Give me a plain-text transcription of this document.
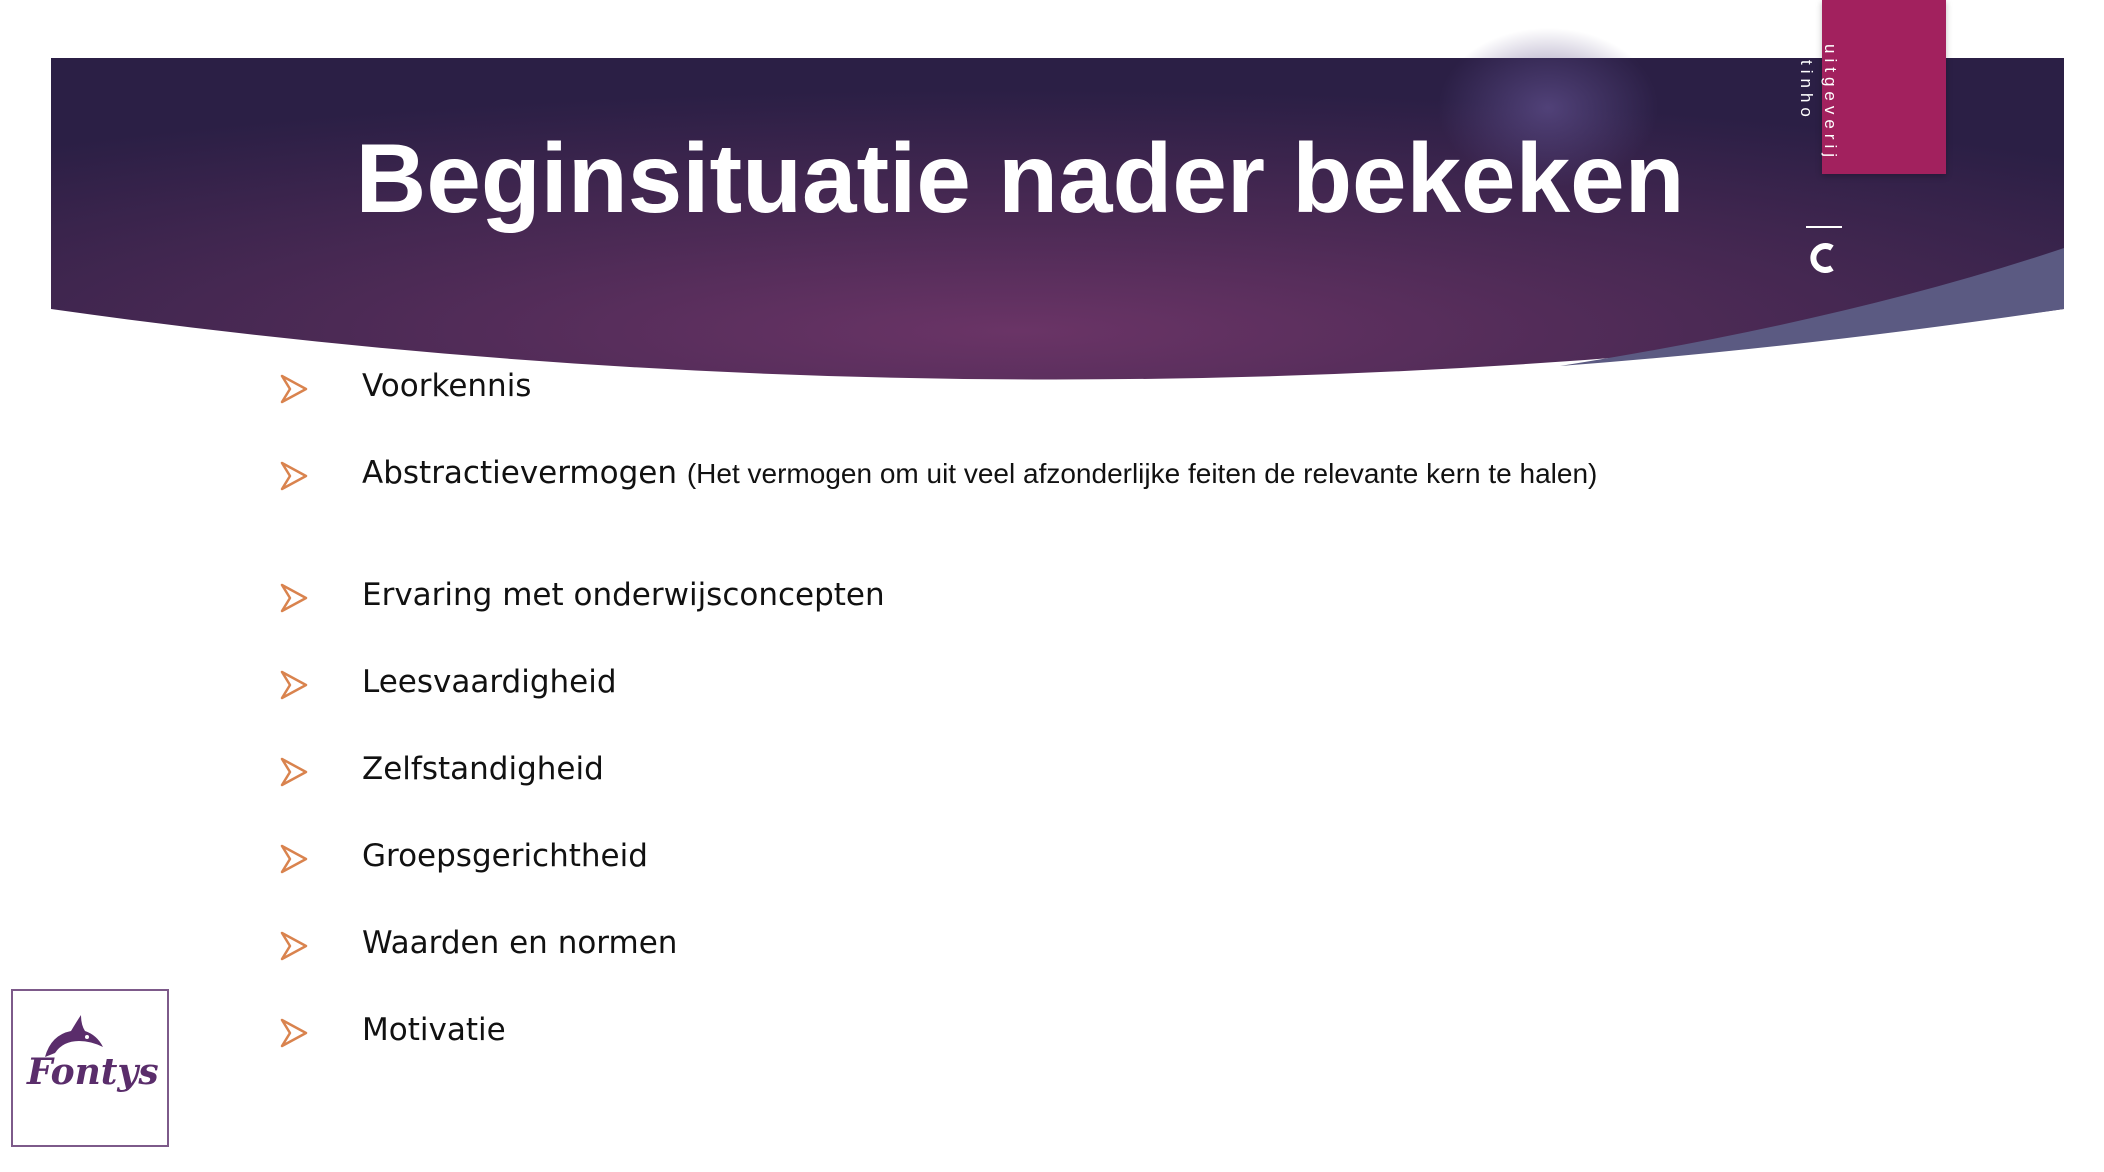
Beginsituatie nader bekeken
uitgeverij
tinho
Voorkennis
Abstractievermogen (Het vermogen om uit veel afzonderlijke feiten de relevante kern te halen)
Ervaring met onderwijsconcepten
Leesvaardigheid
Zelfstandigheid
Groepsgerichtheid
Waarden en normen
Motivatie
Fontys
